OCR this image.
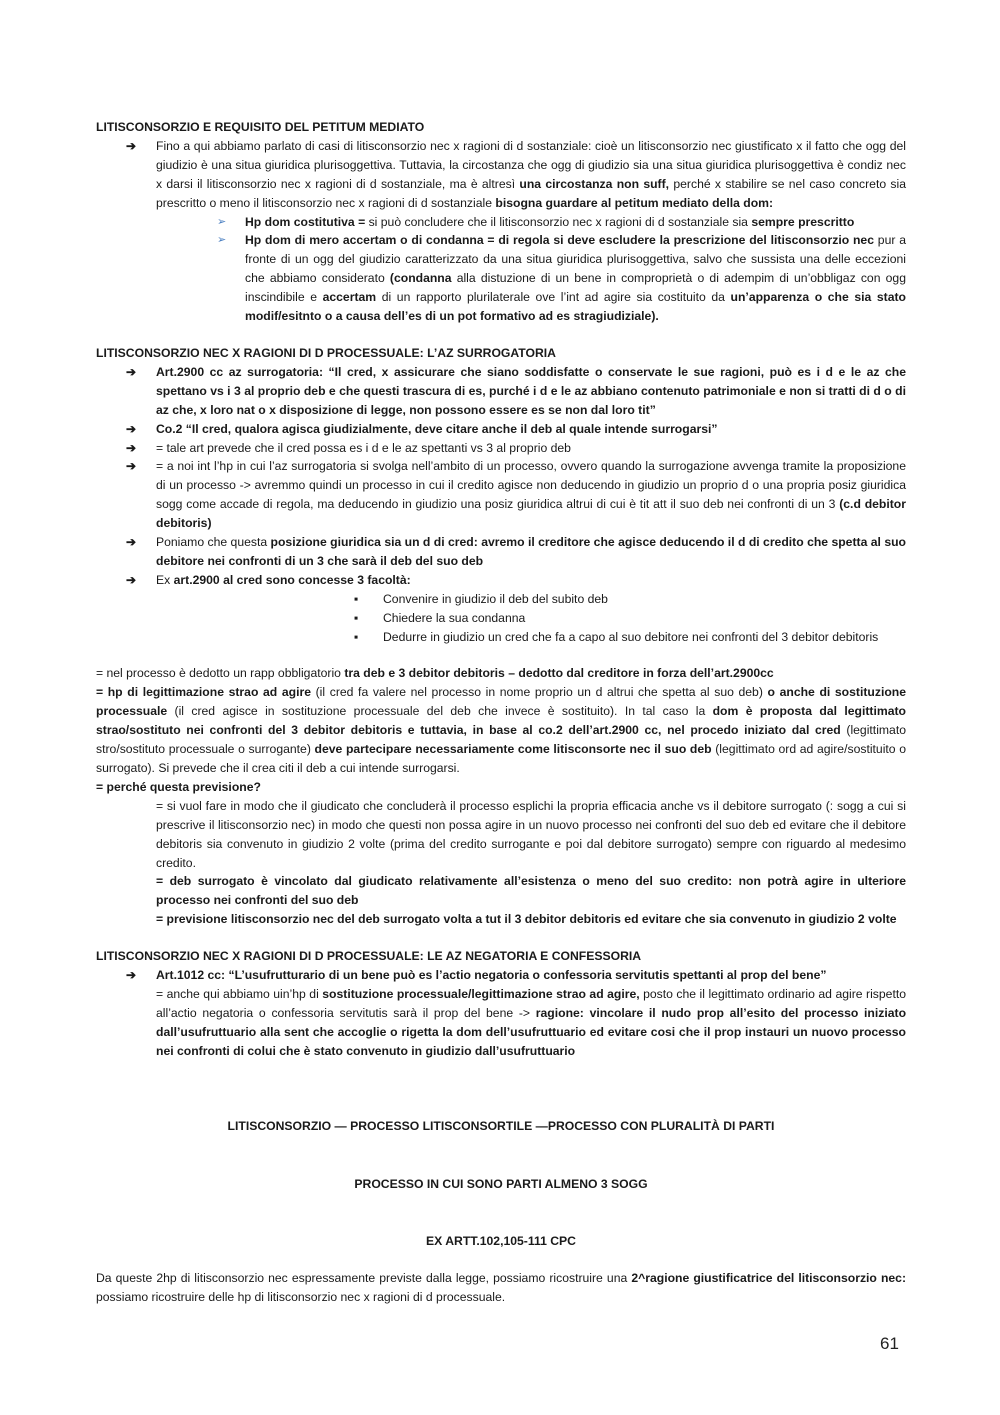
LITISCONSORZIO E REQUISITO DEL PETITUM MEDIATO

➔ Fino a qui abbiamo parlato di casi di litisconsorzio nec x ragioni di d sostanziale: cioè un litisconsorzio nec giustificato x il fatto che ogg del giudizio è una situa giuridica plurisoggettiva. Tuttavia, la circostanza che ogg di giudizio sia una situa giuridica plurisoggettiva è condiz nec x darsi il litisconsorzio nec x ragioni di d sostanziale, ma è altresì una circostanza non suff, perché x stabilire se nel caso concreto sia prescritto o meno il litisconsorzio nec x ragioni di d sostanziale bisogna guardare al petitum mediato della dom:
➢ Hp dom costitutiva = si può concludere che il litisconsorzio nec x ragioni di d sostanziale sia sempre prescritto
➢ Hp dom di mero accertam o di condanna = di regola si deve escludere la prescrizione del litisconsorzio nec pur a fronte di un ogg del giudizio caratterizzato da una situa giuridica plurisoggettiva, salvo che sussista una delle eccezioni che abbiamo considerato (condanna alla distuzione di un bene in comproprietà o di adempim di un’obbligaz con ogg inscindibile e accertam di un rapporto plurilaterale ove l’int ad agire sia costituito da un’apparenza o che sia stato modif/esitnto o a causa dell’es di un pot formativo ad es stragiudiziale).

LITISCONSORZIO NEC X RAGIONI DI D PROCESSUALE: L’AZ SURROGATORIA

➔ Art.2900 cc az surrogatoria: “Il cred, x assicurare che siano soddisfatte o conservate le sue ragioni, può es i d e le az che spettano vs i 3 al proprio deb e che questi trascura di es, purché i d e le az abbiano contenuto patrimoniale e non si tratti di d o di az che, x loro nat o x disposizione di legge, non possono essere es se non dal loro tit”
➔ Co.2 “Il cred, qualora agisca giudizialmente, deve citare anche il deb al quale intende surrogarsi”
➔ = tale art prevede che il cred possa es i d e le az spettanti vs 3 al proprio deb
➔ = a noi int l’hp in cui l’az surrogatoria si svolga nell’ambito di un processo, ovvero quando la surrogazione avvenga tramite la proposizione di un processo -> avremmo quindi un processo in cui il credito agisce non deducendo in giudizio un proprio d o una propria posiz giuridica sogg come accade di regola, ma deducendo in giudizio una posiz giuridica altrui di cui è tit att il suo deb nei confronti di un 3 (c.d debitor debitoris)
➔ Poniamo che questa posizione giuridica sia un d di cred: avremo il creditore che agisce deducendo il d di credito che spetta al suo debitore nei confronti di un 3 che sarà il deb del suo deb
➔ Ex art.2900 al cred sono concesse 3 facoltà:
▪ Convenire in giudizio il deb del subito deb
▪ Chiedere la sua condanna
▪ Dedurre in giudizio un cred che fa a capo al suo debitore nei confronti del 3 debitor debitoris

= nel processo è dedotto un rapp obbligatorio tra deb e 3 debitor debitoris – dedotto dal creditore in forza dell’art.2900cc

= hp di legittimazione strao ad agire (il cred fa valere nel processo in nome proprio un d altrui che spetta al suo deb) o anche di sostituzione processuale (il cred agisce in sostituzione processuale del deb che invece è sostituito). In tal caso la dom è proposta dal legittimato strao/sostituto nei confronti del 3 debitor debitoris e tuttavia, in base al co.2 dell’art.2900 cc, nel procedo iniziato dal cred (legittimato stro/sostituto processuale o surrogante) deve partecipare necessariamente come litisconsorte nec il suo deb (legittimato ord ad agire/sostituito o surrogato). Si prevede che il crea citi il deb a cui intende surrogarsi.

= perché questa previsione?

= si vuol fare in modo che il giudicato che concluderà il processo esplichi la propria efficacia anche vs il debitore surrogato (: sogg a cui si prescrive il litisconsorzio nec) in modo che questi non possa agire in un nuovo processo nei confronti del suo deb ed evitare che il debitore debitoris sia convenuto in giudizio 2 volte (prima del credito surrogante e poi dal debitore surrogato) sempre con riguardo al medesimo credito.

= deb surrogato è vincolato dal giudicato relativamente all’esistenza o meno del suo credito: non potrà agire in ulteriore processo nei confronti del suo deb

= previsione litisconsorzio nec del deb surrogato volta a tut il 3 debitor debitoris ed evitare che sia convenuto in giudizio 2 volte

LITISCONSORZIO NEC X RAGIONI DI D PROCESSUALE: LE AZ NEGATORIA E CONFESSORIA

➔ Art.1012 cc: “L’usufrutturario di un bene può es l’actio negatoria o confessoria servitutis spettanti al prop del bene”

= anche qui abbiamo uin’hp di sostituzione processuale/legittimazione strao ad agire, posto che il legittimato ordinario ad agire rispetto all’actio negatoria o confessoria servitutis sarà il prop del bene -> ragione: vincolare il nudo prop all’esito del processo iniziato dall’usufruttuario alla sent che accoglie o rigetta la dom dell’usufruttuario ed evitare cosi che il prop instauri un nuovo processo nei confronti di colui che è stato convenuto in giudizio dall’usufruttuario

LITISCONSORZIO — PROCESSO LITISCONSORTILE —PROCESSO CON PLURALITÀ DI PARTI

PROCESSO IN CUI SONO PARTI ALMENO 3 SOGG

EX ARTT.102,105-111 CPC

Da queste 2hp di litisconsorzio nec espressamente previste dalla legge, possiamo ricostruire una 2^ragione giustificatrice del litisconsorzio nec: possiamo ricostruire delle hp di litisconsorzio nec x ragioni di d processuale.

61
